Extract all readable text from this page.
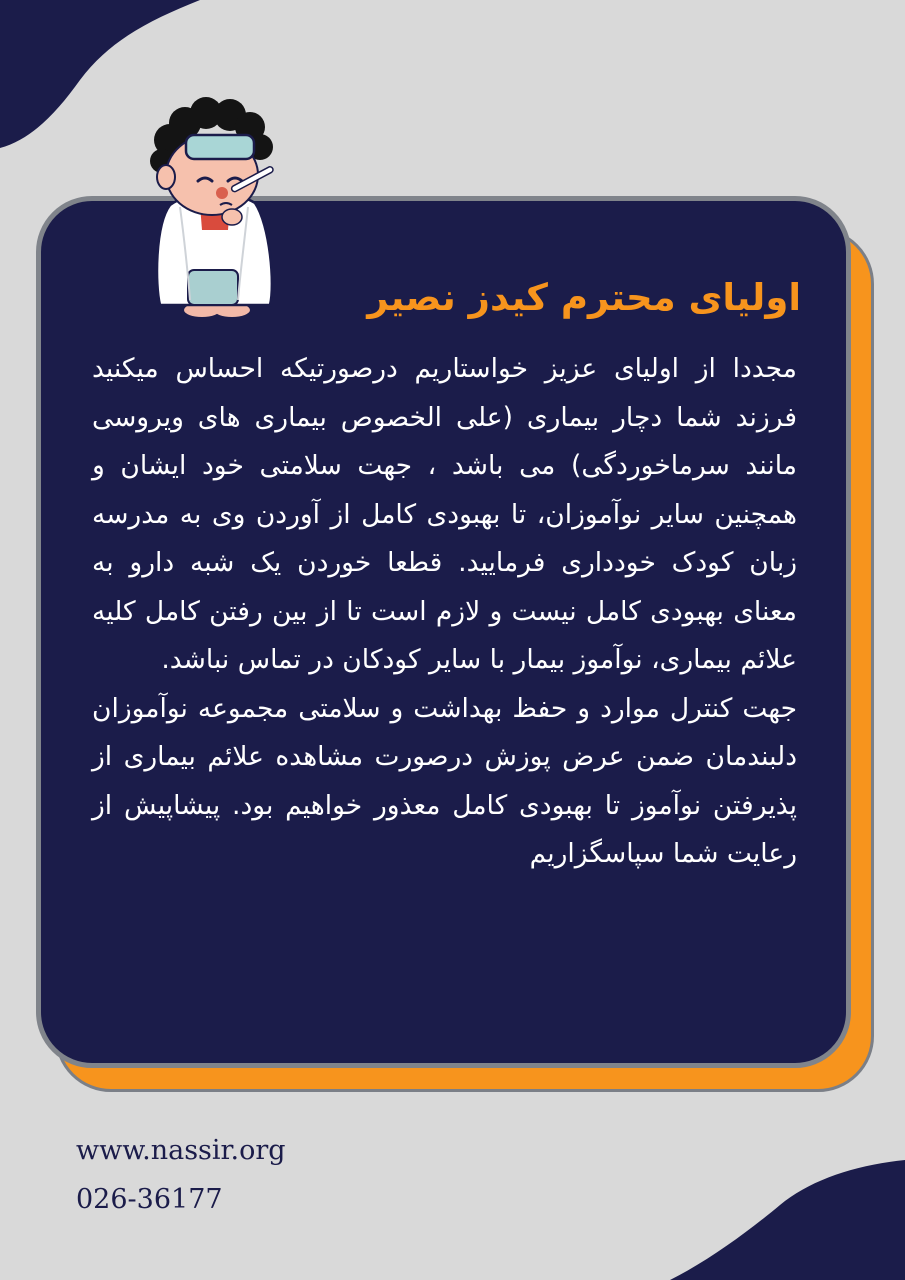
اولیای محترم کیدز نصیر

مجددا از اولیای عزیز خواستاریم درصورتیکه احساس میکنید فرزند شما دچار بیماری (علی الخصوص بیماری های ویروسی مانند سرماخوردگی) می باشد ، جهت سلامتی خود ایشان و همچنین سایر نوآموزان، تا بهبودی کامل از آوردن وی به مدرسه زبان کودک خودداری فرمایید. قطعا خوردن یک شبه دارو به معنای بهبودی کامل نیست و لازم است تا از بین رفتن کامل کلیه علائم بیماری، نوآموز بیمار با سایر کودکان در تماس نباشد.

جهت کنترل موارد و حفظ بهداشت و سلامتی مجموعه نوآموزان دلبندمان ضمن عرض پوزش درصورت مشاهده علائم بیماری از پذیرفتن نوآموز تا بهبودی کامل معذور خواهیم بود. پیشاپیش از رعایت شما سپاسگزاریم

www.nassir.org
026-36177
